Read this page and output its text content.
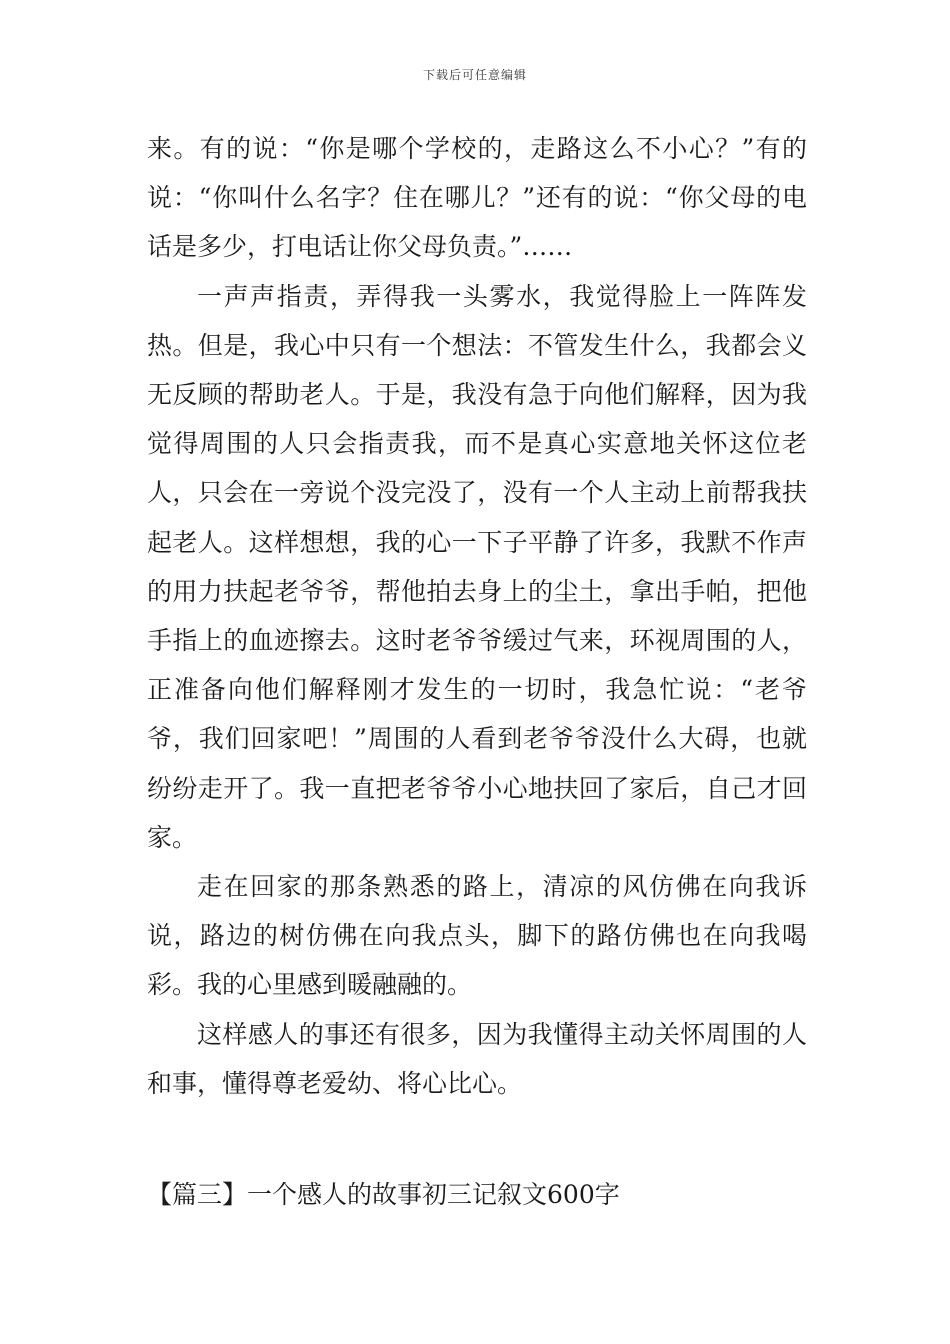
下载后可任意编辑

来。有的说：“你是哪个学校的，走路这么不小心？”有的说：“你叫什么名字？住在哪儿？”还有的说：“你父母的电话是多少，打电话让你父母负责。”……

一声声指责，弄得我一头雾水，我觉得脸上一阵阵发热。但是，我心中只有一个想法：不管发生什么，我都会义无反顾的帮助老人。于是，我没有急于向他们解释，因为我觉得周围的人只会指责我，而不是真心实意地关怀这位老人，只会在一旁说个没完没了，没有一个人主动上前帮我扶起老人。这样想想，我的心一下子平静了许多，我默不作声的用力扶起老爷爷，帮他拍去身上的尘土，拿出手帕，把他手指上的血迹擦去。这时老爷爷缓过气来，环视周围的人，正准备向他们解释刚才发生的一切时，我急忙说：“老爷爷，我们回家吧！”周围的人看到老爷爷没什么大碍，也就纷纷走开了。我一直把老爷爷小心地扶回了家后，自己才回家。

走在回家的那条熟悉的路上，清凉的风仿佛在向我诉说，路边的树仿佛在向我点头，脚下的路仿佛也在向我喝彩。我的心里感到暖融融的。

这样感人的事还有很多，因为我懂得主动关怀周围的人和事，懂得尊老爱幼、将心比心。

【篇三】一个感人的故事初三记叙文600字
